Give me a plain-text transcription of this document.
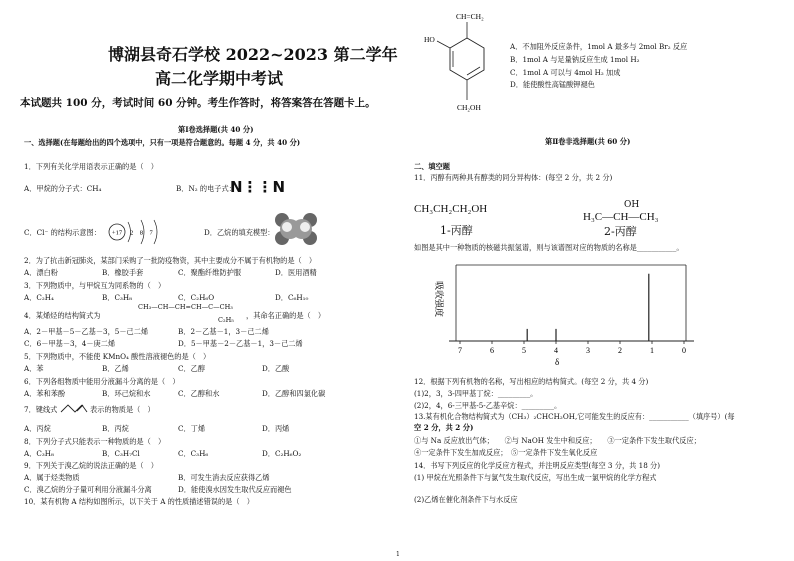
博湖县奇石学校 2022~2023 第二学年
高二化学期中考试
本试题共 100 分，考试时间 60 分钟。考生作答时，将答案答在答题卡上。
第Ⅰ卷选择题(共 40 分)
一、选择题(在每题给出的四个选项中，只有一项是符合题意的。每题 4 分，共 40 分)
1．下列有关化学用语表示正确的是（　）
A．甲烷的分子式：CH₄	B．N₂ 的电子式：
N⋮⋮N
C．Cl⁻ 的结构示意图： +17 2　8　7	D．乙烷的填充模型：
2．为了抗击新冠肺炎，某部门采购了一批防疫物资，其中主要成分不属于有机物的是（　）
A．漂白粉	B．橡胶手套	C．聚酯纤维防护服	D．医用酒精
3．下列物质中，与甲烷互为同系物的（　）
A．C₂H₄	B．C₃H₈	C．C₂H₆O	D．C₆H₁₀
4．某烯烃的结构简式为
CH₃—CH—CH=CH—C—CH₃
C₂H₅ ，其命名正确的是（　）
A．2－甲基－5－乙基－3，5－己二烯	B．2－乙基－1，3－己二烯
C．6－甲基－3，4－庚二烯	D．5－甲基－2－乙基－1，3－己二烯
5．下列物质中，不能使 KMnO₄ 酸性溶液褪色的是（　）
A．苯	B．乙烯	C．乙醇	D．乙酸
6．下列各组物质中能用分液漏斗分离的是（　）
A．苯和苯酚	B．环己烷和水	C．乙醇和水	D．乙醇和四氯化碳
7．键线式	表示的物质是（　）
A．丙烷	B．丙烷	C．丁烯	D．丙烯
8．下列分子式只能表示一种物质的是（　）
A．C₃H₈	B．C₃H₇Cl	C．C₃H₆	D．C₂H₆O₂
9．下列关于溴乙烷的说法正确的是（　）
A．属于烃类物质	B．可发生消去反应获得乙烯
C．溴乙烷的分子量可利用分液漏斗分离	D．能使溴水因发生取代反应而褪色
10．某有机物 A 结构如图所示，以下关于 A 的性质描述错误的是（　）
CH=CH₂
HO
CH₂OH
A．不加阻外反应条件，1mol A 最多与 2mol Br₂ 反应
B．1mol A 与足量钠反应生成 1mol H₂
C．1mol A 可以与 4mol H₂ 加成
D．能使酸性高锰酸钾褪色
第Ⅱ卷非选择题(共 60 分)
二、填空题
11．丙醇有两种具有醇类的同分异构体：(每空 2 分，共 2 分)
CH₃CH₂CH₂OH
1-丙醇
OH
H₃C—CH—CH₃
2-丙醇
如图是其中一种物质的核磁共振氢谱，则与该谱图对应的物质的名称是___________。
吸收强度
δ
7	6	5	4	3	2	1	0
12．根据下列有机物的名称，写出相应的结构简式。(每空 2 分，共 4 分)
(1)2，3，3-四甲基丁烷：_________。
(2)2，4，6-三甲基-5-乙基辛烷：_________。
13.某有机化合物结构简式为（CH₃）₂CHCH₂OH,它可能发生的反应有：___________（填序号）(每
空 2 分，共 2 分)
①与 Na 反应放出气体；　　②与 NaOH 发生中和反应；　　③一定条件下发生取代反应；
④一定条件下发生加成反应；　⑤一定条件下发生氧化反应
14．书写下列反应的化学反应方程式，并注明反应类型(每空 3 分，共 18 分)
(1) 甲烷在光照条件下与氯气发生取代反应，写出生成一氯甲烷的化学方程式
(2)乙烯在催化剂条件下与水反应
1
